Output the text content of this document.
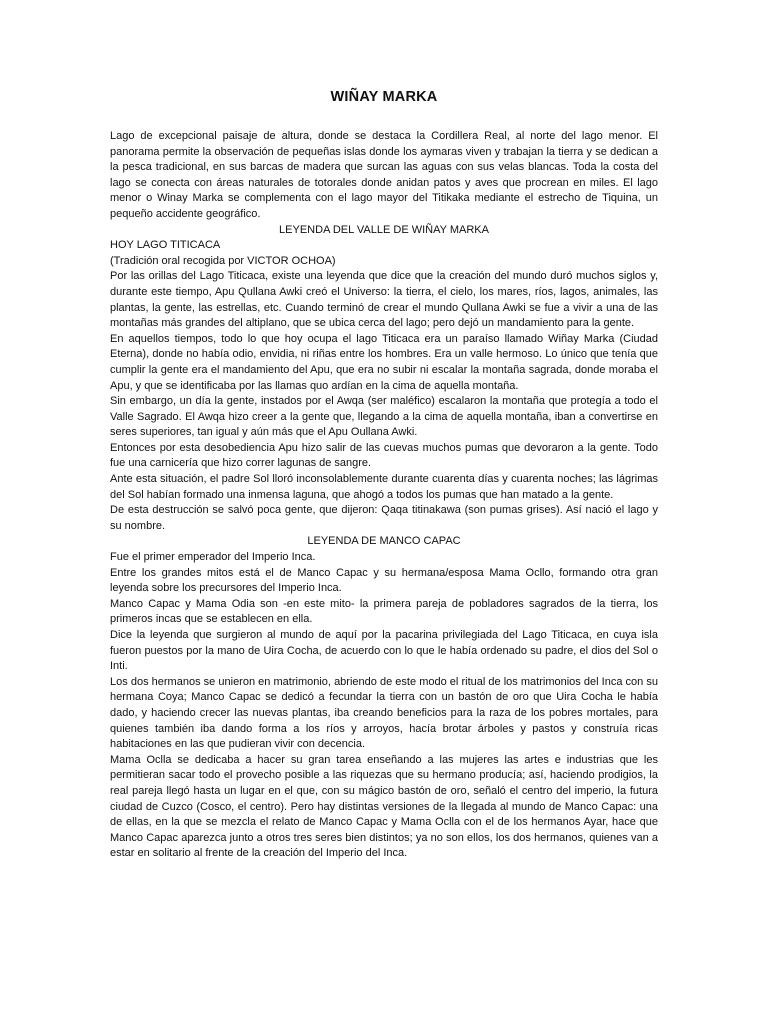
WIÑAY MARKA

Lago de excepcional paisaje de altura, donde se destaca la Cordillera Real, al norte del lago menor. El panorama permite la observación de pequeñas islas donde los aymaras viven y trabajan la tierra y se dedican a la pesca tradicional, en sus barcas de madera que surcan las aguas con sus velas blancas. Toda la costa del lago se conecta con áreas naturales de totorales donde anidan patos y aves que procrean en miles. El lago menor o Winay Marka se complementa con el lago mayor del Titikaka mediante el estrecho de Tiquina, un pequeño accidente geográfico.

LEYENDA DEL VALLE DE WIÑAY MARKA

HOY LAGO TITICACA

(Tradición oral recogida por VICTOR OCHOA)

Por las orillas del Lago Titicaca, existe una leyenda que dice que la creación del mundo duró muchos siglos y, durante este tiempo, Apu Qullana Awki creó el Universo: la tierra, el cielo, los mares, ríos, lagos, animales, las plantas, la gente, las estrellas, etc. Cuando terminó de crear el mundo Qullana Awki se fue a vivir a una de las montañas más grandes del altiplano, que se ubica cerca del lago; pero dejó un mandamiento para la gente.

En aquellos tiempos, todo lo que hoy ocupa el lago Titicaca era un paraíso llamado Wiñay Marka (Ciudad Eterna), donde no había odio, envidia, ni riñas entre los hombres. Era un valle hermoso. Lo único que tenía que cumplir la gente era el mandamiento del Apu, que era no subir ni escalar la montaña sagrada, donde moraba el Apu, y que se identificaba por las llamas quo ardían en la cima de aquella montaña.

Sin embargo, un día la gente, instados por el Awqa (ser maléfico) escalaron la montaña que protegía a todo el Valle Sagrado. El Awqa hizo creer a la gente que, llegando a la cima de aquella montaña, iban a convertirse en seres superiores, tan igual y aún más que el Apu Oullana Awki.

Entonces por esta desobediencia Apu hizo salir de las cuevas muchos pumas que devoraron a la gente. Todo fue una carnicería que hizo correr lagunas de sangre.

Ante esta situación, el padre Sol lloró inconsolablemente durante cuarenta días y cuarenta noches; las lágrimas del Sol habían formado una inmensa laguna, que ahogó a todos los pumas que han matado a la gente.

De esta destrucción se salvó poca gente, que dijeron: Qaqa titinakawa (son pumas grises). Así nació el lago y su nombre.

LEYENDA DE MANCO CAPAC

Fue el primer emperador del Imperio Inca.

Entre los grandes mitos está el de Manco Capac y su hermana/esposa Mama Ocllo, formando otra gran leyenda sobre los precursores del Imperio Inca.

Manco Capac y Mama Odia son -en este mito- la primera pareja de pobladores sagrados de la tierra, los primeros incas que se establecen en ella.

Dice la leyenda que surgieron al mundo de aquí por la pacarina privilegiada del Lago Titicaca, en cuya isla fueron puestos por la mano de Uira Cocha, de acuerdo con lo que le había ordenado su padre, el dios del Sol o Inti.

Los dos hermanos se unieron en matrimonio, abriendo de este modo el ritual de los matrimonios del Inca con su hermana Coya; Manco Capac se dedicó a fecundar la tierra con un bastón de oro que Uira Cocha le había dado, y haciendo crecer las nuevas plantas, iba creando beneficios para la raza de los pobres mortales, para quienes también iba dando forma a los ríos y arroyos, hacía brotar árboles y pastos y construía ricas habitaciones en las que pudieran vivir con decencia.

Mama Oclla se dedicaba a hacer su gran tarea enseñando a las mujeres las artes e industrias que les permitieran sacar todo el provecho posible a las riquezas que su hermano producía; así, haciendo prodigios, la real pareja llegó hasta un lugar en el que, con su mágico bastón de oro, señaló el centro del imperio, la futura ciudad de Cuzco (Cosco, el centro). Pero hay distintas versiones de la llegada al mundo de Manco Capac: una de ellas, en la que se mezcla el relato de Manco Capac y Mama Oclla con el de los hermanos Ayar, hace que Manco Capac aparezca junto a otros tres seres bien distintos; ya no son ellos, los dos hermanos, quienes van a estar en solitario al frente de la creación del Imperio del Inca.
